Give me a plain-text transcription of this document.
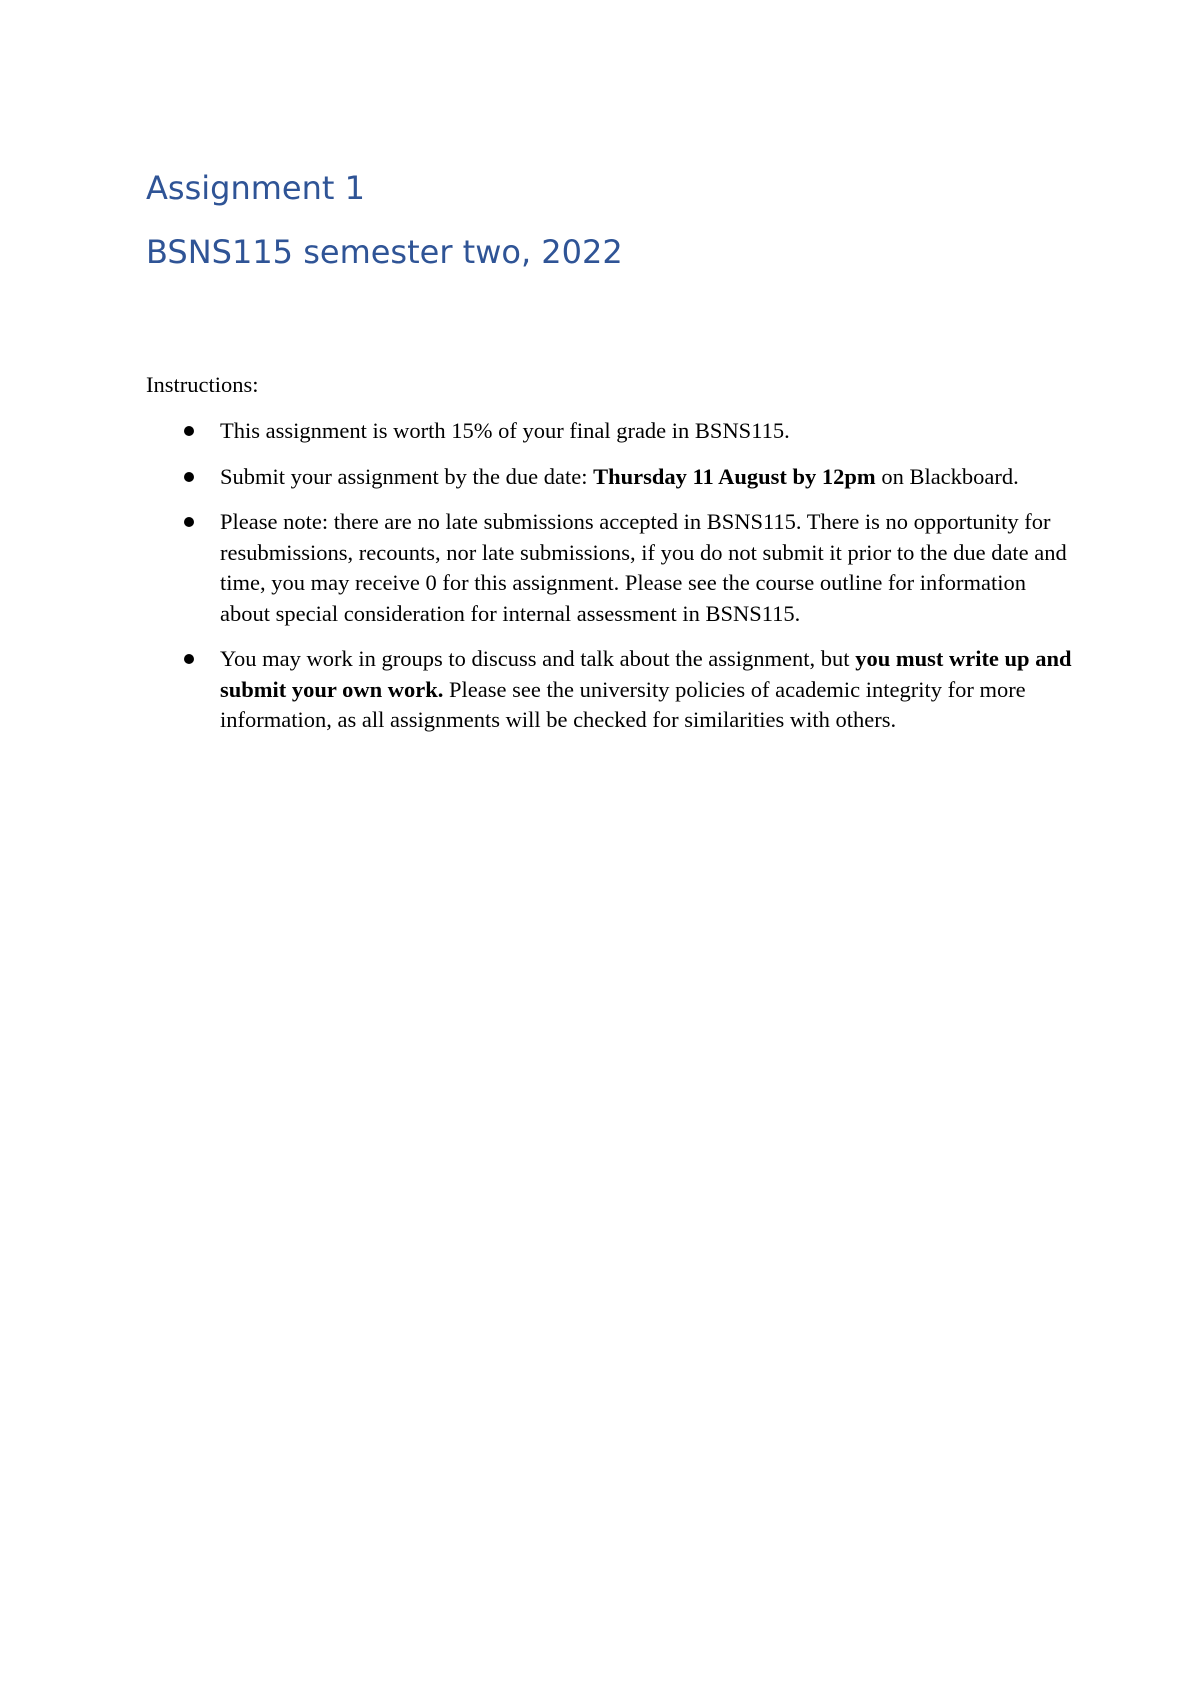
Assignment 1
BSNS115 semester two, 2022

Instructions:

This assignment is worth 15% of your final grade in BSNS115.
Submit your assignment by the due date: Thursday 11 August by 12pm on Blackboard.
Please note: there are no late submissions accepted in BSNS115. There is no opportunity for resubmissions, recounts, nor late submissions, if you do not submit it prior to the due date and time, you may receive 0 for this assignment. Please see the course outline for information about special consideration for internal assessment in BSNS115.
You may work in groups to discuss and talk about the assignment, but you must write up and submit your own work. Please see the university policies of academic integrity for more information, as all assignments will be checked for similarities with others.
